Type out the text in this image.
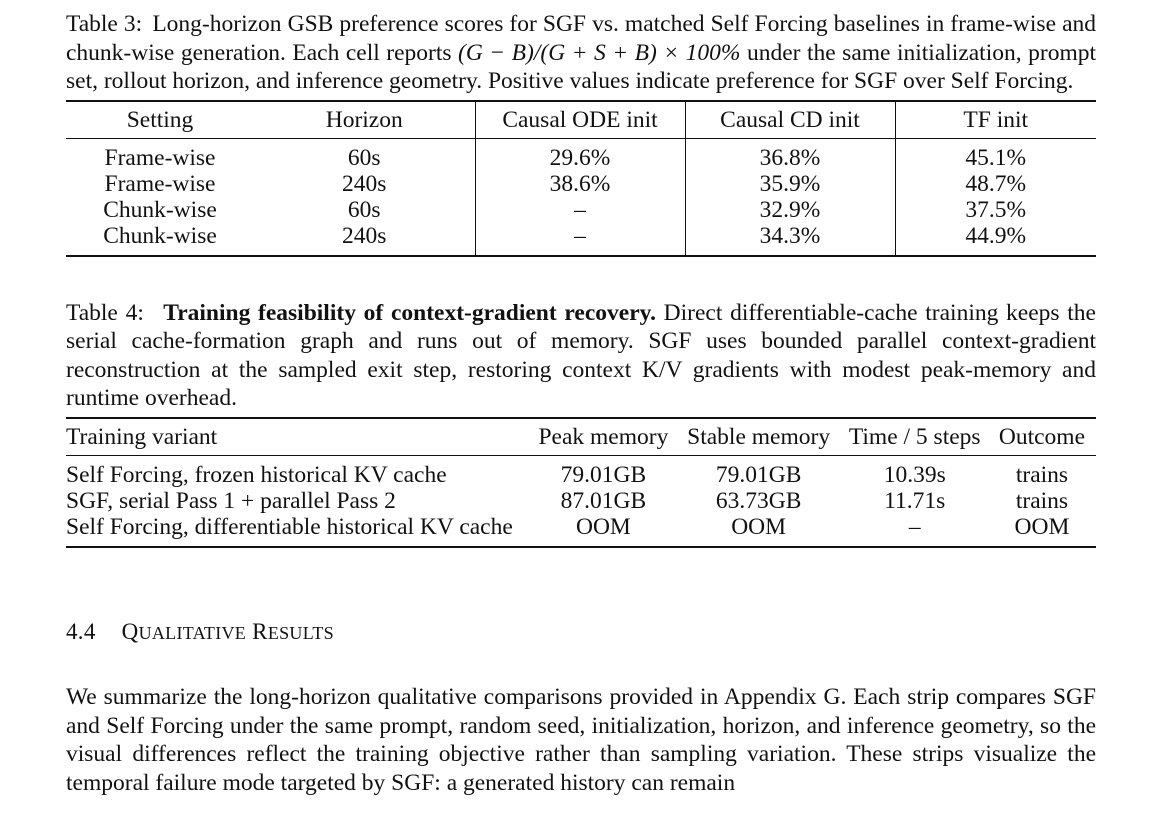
Table 3: Long-horizon GSB preference scores for SGF vs. matched Self Forcing baselines in frame-wise and chunk-wise generation. Each cell reports (G − B)/(G + S + B) × 100% under the same initialization, prompt set, rollout horizon, and inference geometry. Positive values indicate preference for SGF over Self Forcing.

Setting	Horizon	Causal ODE init	Causal CD init	TF init
Frame-wise	60s	29.6%	36.8%	45.1%
Frame-wise	240s	38.6%	35.9%	48.7%
Chunk-wise	60s	–	32.9%	37.5%
Chunk-wise	240s	–	34.3%	44.9%

Table 4: Training feasibility of context-gradient recovery. Direct differentiable-cache training keeps the serial cache-formation graph and runs out of memory. SGF uses bounded parallel context-gradient reconstruction at the sampled exit step, restoring context K/V gradients with modest peak-memory and runtime overhead.

Training variant	Peak memory	Stable memory	Time / 5 steps	Outcome
Self Forcing, frozen historical KV cache	79.01GB	79.01GB	10.39s	trains
SGF, serial Pass 1 + parallel Pass 2	87.01GB	63.73GB	11.71s	trains
Self Forcing, differentiable historical KV cache	OOM	OOM	–	OOM
4.4 QUALITATIVE RESULTS

We summarize the long-horizon qualitative comparisons provided in Appendix G. Each strip compares SGF and Self Forcing under the same prompt, random seed, initialization, horizon, and inference geometry, so the visual differences reflect the training objective rather than sampling variation. These strips visualize the temporal failure mode targeted by SGF: a generated history can remain
